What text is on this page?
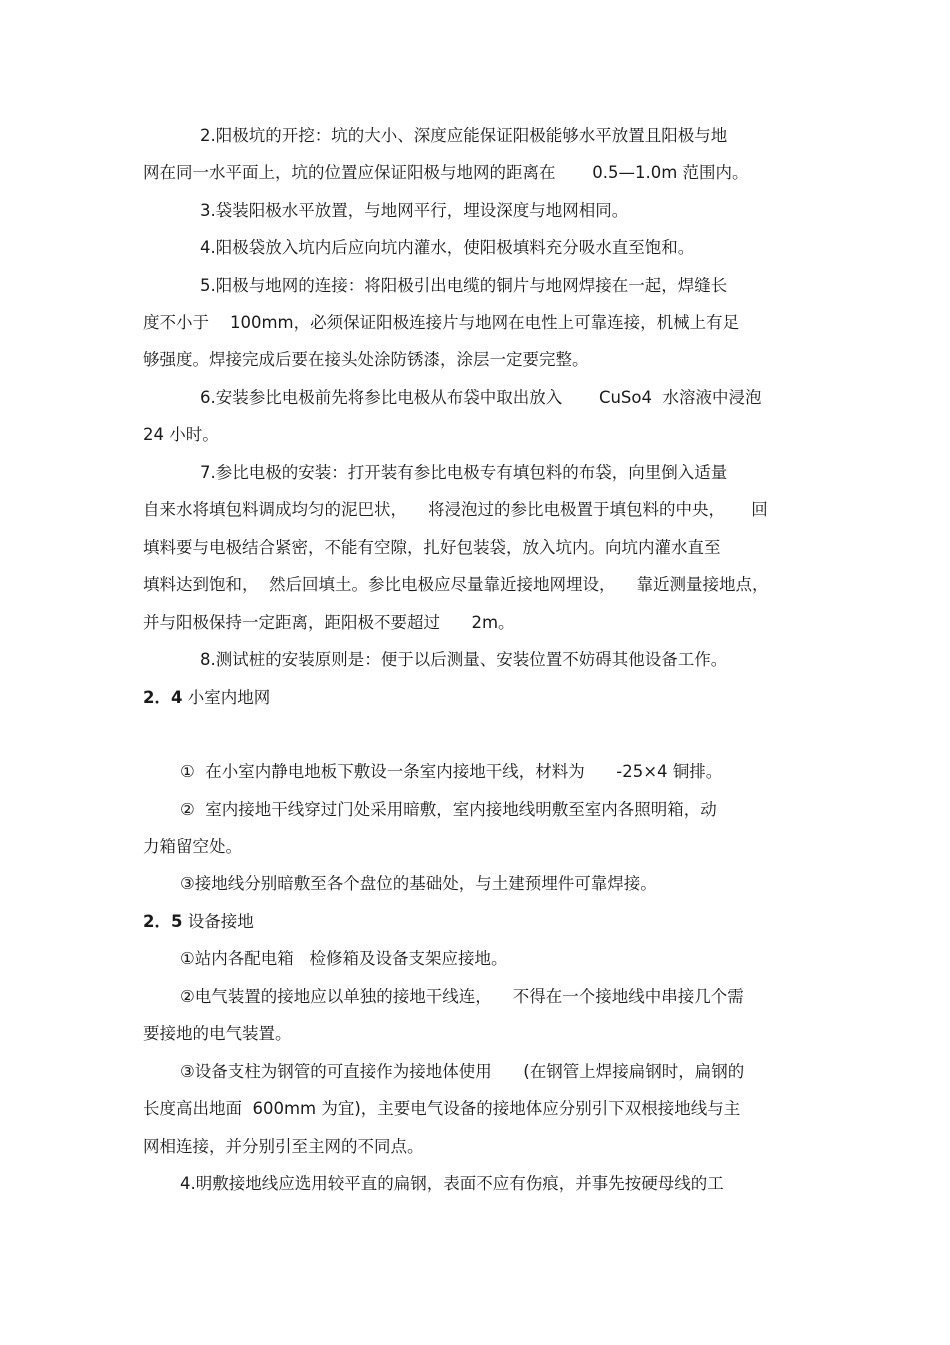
2.阳极坑的开挖：坑的大小、深度应能保证阳极能够水平放置且阳极与地

网在同一水平面上，坑的位置应保证阳极与地网的距离在       0.5—1.0m 范围内。

3.袋装阳极水平放置，与地网平行，埋设深度与地网相同。

4.阳极袋放入坑内后应向坑内灌水，使阳极填料充分吸水直至饱和。

5.阳极与地网的连接：将阳极引出电缆的铜片与地网焊接在一起，焊缝长

度不小于    100mm，必须保证阳极连接片与地网在电性上可靠连接，机械上有足

够强度。焊接完成后要在接头处涂防锈漆，涂层一定要完整。

6.安装参比电极前先将参比电极从布袋中取出放入       CuSo4  水溶液中浸泡

24 小时。

7.参比电极的安装：打开装有参比电极专有填包料的布袋，向里倒入适量

自来水将填包料调成均匀的泥巴状，    将浸泡过的参比电极置于填包料的中央，     回

填料要与电极结合紧密，不能有空隙，扎好包装袋，放入坑内。向坑内灌水直至

填料达到饱和，  然后回填土。参比电极应尽量靠近接地网埋设，    靠近测量接地点，

并与阳极保持一定距离，距阳极不要超过      2m。

8.测试桩的安装原则是：便于以后测量、安装位置不妨碍其他设备工作。

2．4 小室内地网

①  在小室内静电地板下敷设一条室内接地干线，材料为      -25×4 铜排。

②  室内接地干线穿过门处采用暗敷，室内接地线明敷至室内各照明箱，动

力箱留空处。

③接地线分别暗敷至各个盘位的基础处，与土建预埋件可靠焊接。

2．5 设备接地

①站内各配电箱   检修箱及设备支架应接地。

②电气装置的接地应以单独的接地干线连，    不得在一个接地线中串接几个需

要接地的电气装置。

③设备支柱为钢管的可直接作为接地体使用      (在钢管上焊接扁钢时，扁钢的

长度高出地面  600mm 为宜)，主要电气设备的接地体应分别引下双根接地线与主

网相连接，并分别引至主网的不同点。

4.明敷接地线应选用较平直的扁钢，表面不应有伤痕，并事先按硬母线的工
